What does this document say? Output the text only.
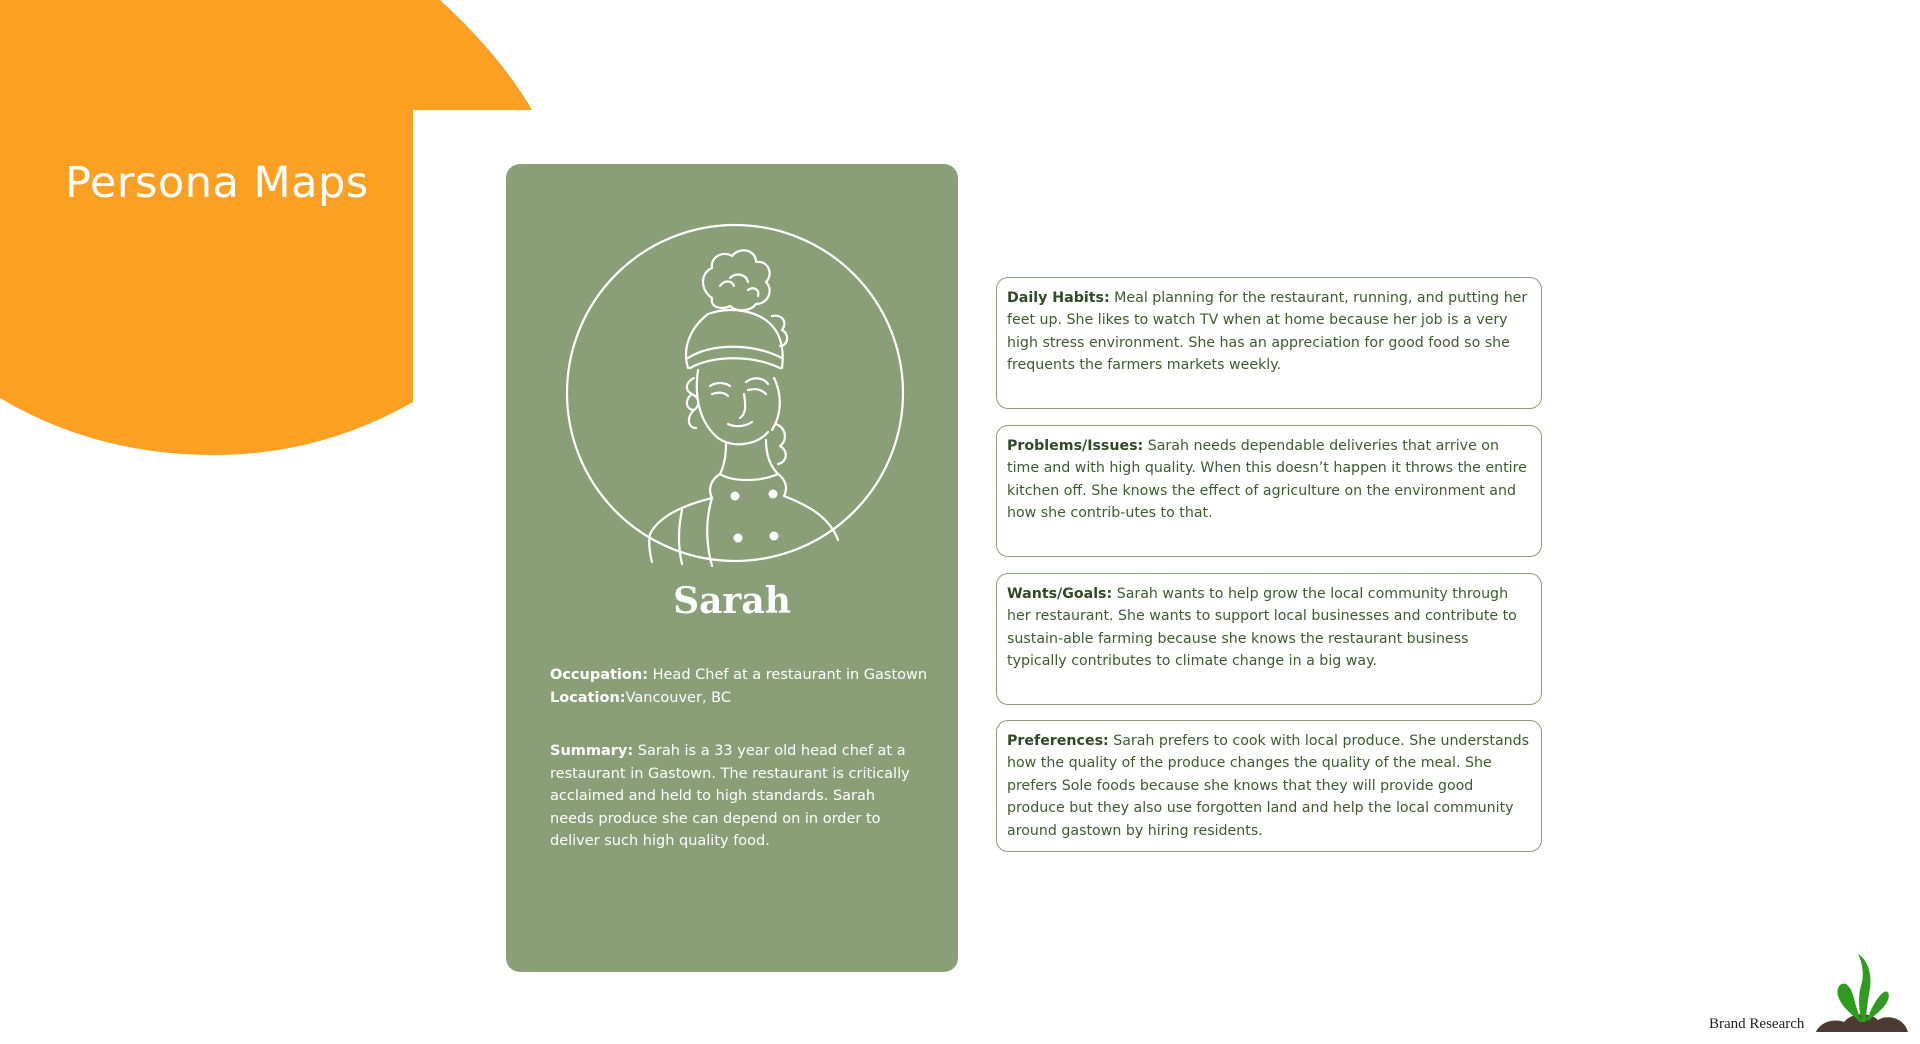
Persona Maps
Sarah

Occupation: Head Chef at a restaurant in Gastown

Location:Vancouver, BC

Summary: Sarah is a 33 year old head chef at a restaurant in Gastown. The restaurant is critically acclaimed and held to high standards. Sarah needs produce she can depend on in order to deliver such high quality food.

Daily Habits: Meal planning for the restaurant, running, and putting her feet up. She likes to watch TV when at home because her job is a very high stress environment. She has an appreciation for good food so she frequents the farmers markets weekly.
Problems/Issues: Sarah needs dependable deliveries that arrive on time and with high quality. When this doesn’t happen it throws the entire kitchen off. She knows the effect of agriculture on the environment and how she contrib-utes to that.
Wants/Goals: Sarah wants to help grow the local community through her restaurant. She wants to support local businesses and contribute to sustain-able farming because she knows the restaurant business typically contributes to climate change in a big way.
Preferences: Sarah prefers to cook with local produce. She understands how the quality of the produce changes the quality of the meal. She prefers Sole foods because she knows that they will provide good produce but they also use forgotten land and help the local community around gastown by hiring residents.
Brand Research
